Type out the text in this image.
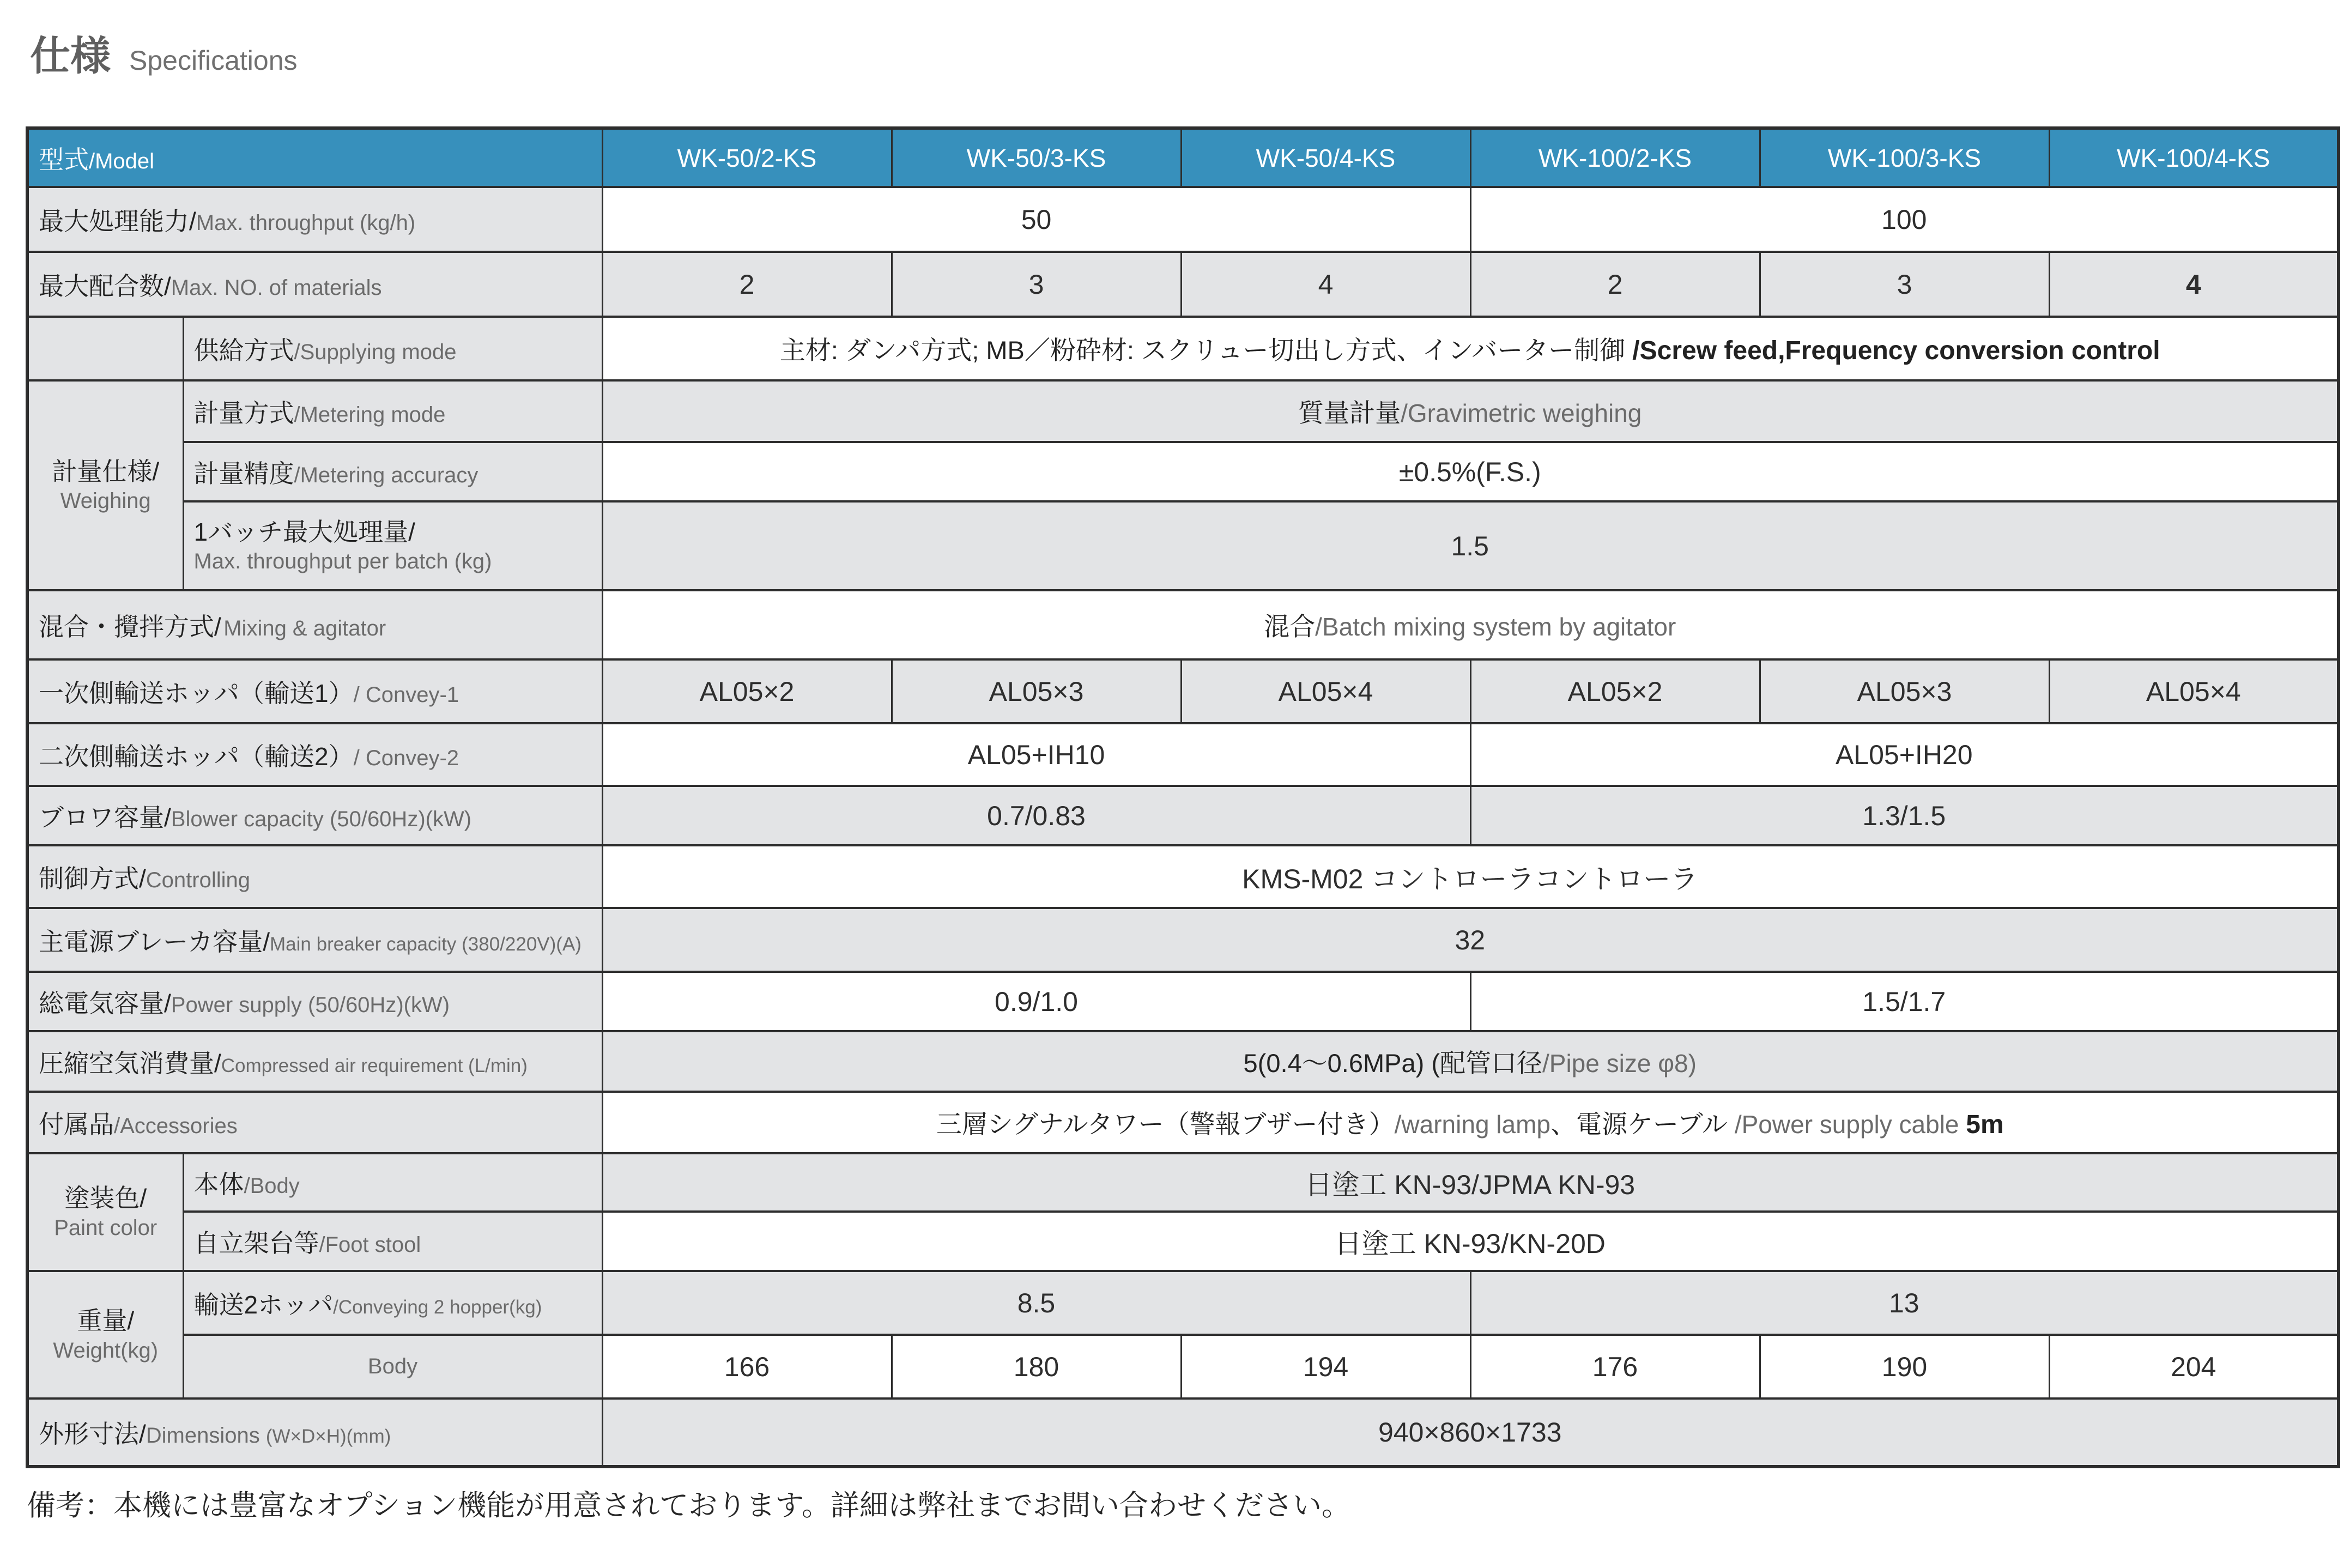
仕様 Specifications
型式/Model		WK-50/2-KS	WK-50/3-KS	WK-50/4-KS	WK-100/2-KS	WK-100/3-KS	WK-100/4-KS
最大処理能力/Max. throughput (kg/h)		50			100		
最大配合数/Max. NO. of materials		2	3	4	2	3	4
	供給方式/Supplying mode	主材: ダンパ方式; MB／粉砕材: スクリュー切出し方式、インバーター制御 /Screw feed,Frequency conversion control					

計量仕様/
Weighing	計量方式/Metering mode	質量計量/Gravimetric weighing					
	計量精度/Metering accuracy	±0.5%(F.S.)					

	1バッチ最大処理量/
Max. throughput per batch (kg)	1.5					
混合・攪拌方式/ Mixing & agitator		混合/Batch mixing system by agitator					
一次側輸送ホッパ（輸送1）/ Convey-1		AL05×2	AL05×3	AL05×4	AL05×2	AL05×3	AL05×4
二次側輸送ホッパ（輸送2）/ Convey-2		AL05+IH10			AL05+IH20		
ブロワ容量/Blower capacity (50/60Hz)(kW)		0.7/0.83			1.3/1.5		
制御方式/Controlling		KMS-M02 コントローラコントローラ					
主電源ブレーカ容量/Main breaker capacity (380/220V)(A)		32					
総電気容量/Power supply (50/60Hz)(kW)		0.9/1.0			1.5/1.7		
圧縮空気消費量/Compressed air requirement (L/min)		5(0.4～0.6MPa) (配管口径/Pipe size φ8)					
付属品/Accessories		三層シグナルタワー（警報ブザー付き）/warning lamp、電源ケーブル /Power supply cable 5m					

塗装色/
Paint color	本体/Body	日塗工 KN-93/JPMA KN-93					
	自立架台等/Foot stool	日塗工 KN-93/KN-20D					

重量/
Weight(kg)	輸送2ホッパ/Conveying 2 hopper(kg)	8.5			13		
	Body	166	180	194	176	190	204
外形寸法/Dimensions (W×D×H)(mm)		940×860×1733					
備考：本機には豊富なオプション機能が用意されております。詳細は弊社までお問い合わせください。
